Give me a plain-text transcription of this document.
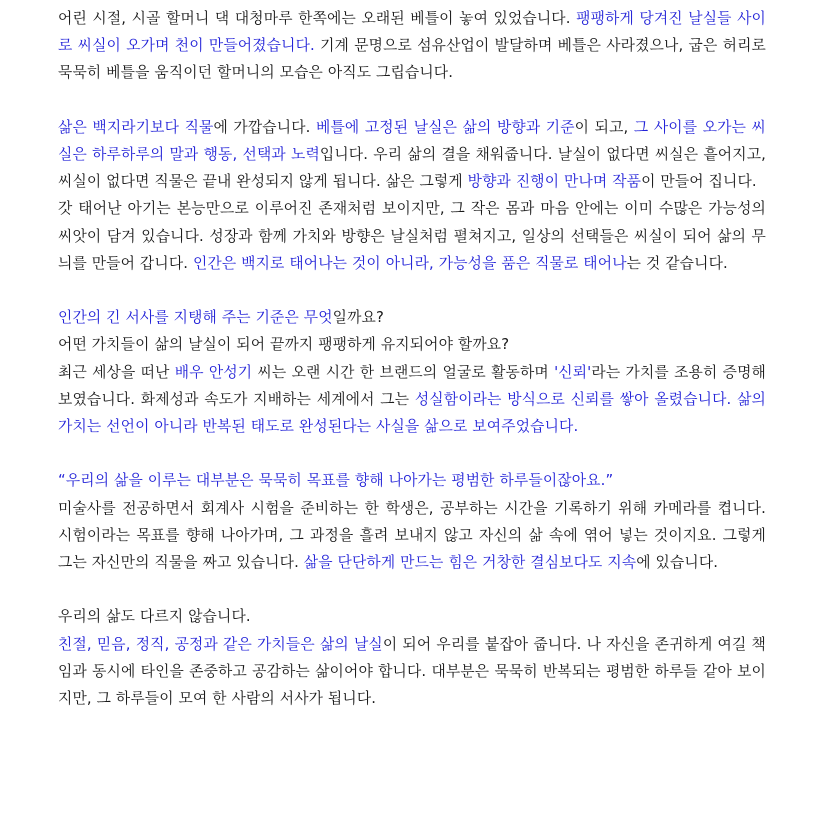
어린 시절, 시골 할머니 댁 대청마루 한쪽에는 오래된 베틀이 놓여 있었습니다. 팽팽하게 당겨진 날실들 사이로 씨실이 오가며 천이 만들어졌습니다. 기계 문명으로 섬유산업이 발달하며 베틀은 사라졌으나, 굽은 허리로 묵묵히 베틀을 움직이던 할머니의 모습은 아직도 그립습니다.

삶은 백지라기보다 직물에 가깝습니다. 베틀에 고정된 날실은 삶의 방향과 기준이 되고, 그 사이를 오가는 씨실은 하루하루의 말과 행동, 선택과 노력입니다. 우리 삶의 결을 채워줍니다. 날실이 없다면 씨실은 흩어지고, 씨실이 없다면 직물은 끝내 완성되지 않게 됩니다. 삶은 그렇게 방향과 진행이 만나며 작품이 만들어 집니다.

갓 태어난 아기는 본능만으로 이루어진 존재처럼 보이지만, 그 작은 몸과 마음 안에는 이미 수많은 가능성의 씨앗이 담겨 있습니다. 성장과 함께 가치와 방향은 날실처럼 펼쳐지고, 일상의 선택들은 씨실이 되어 삶의 무늬를 만들어 갑니다. 인간은 백지로 태어나는 것이 아니라, 가능성을 품은 직물로 태어나는 것 같습니다.

인간의 긴 서사를 지탱해 주는 기준은 무엇일까요?

어떤 가치들이 삶의 날실이 되어 끝까지 팽팽하게 유지되어야 할까요?

최근 세상을 떠난 배우 안성기 씨는 오랜 시간 한 브랜드의 얼굴로 활동하며 '신뢰'라는 가치를 조용히 증명해 보였습니다. 화제성과 속도가 지배하는 세계에서 그는 성실함이라는 방식으로 신뢰를 쌓아 올렸습니다. 삶의 가치는 선언이 아니라 반복된 태도로 완성된다는 사실을 삶으로 보여주었습니다.

“우리의 삶을 이루는 대부분은 묵묵히 목표를 향해 나아가는 평범한 하루들이잖아요.”

미술사를 전공하면서 회계사 시험을 준비하는 한 학생은, 공부하는 시간을 기록하기 위해 카메라를 켭니다. 시험이라는 목표를 향해 나아가며, 그 과정을 흘려 보내지 않고 자신의 삶 속에 엮어 넣는 것이지요. 그렇게 그는 자신만의 직물을 짜고 있습니다. 삶을 단단하게 만드는 힘은 거창한 결심보다도 지속에 있습니다.

우리의 삶도 다르지 않습니다.

친절, 믿음, 정직, 공정과 같은 가치들은 삶의 날실이 되어 우리를 붙잡아 줍니다. 나 자신을 존귀하게 여길 책임과 동시에 타인을 존중하고 공감하는 삶이어야 합니다. 대부분은 묵묵히 반복되는 평범한 하루들 같아 보이지만, 그 하루들이 모여 한 사람의 서사가 됩니다.
